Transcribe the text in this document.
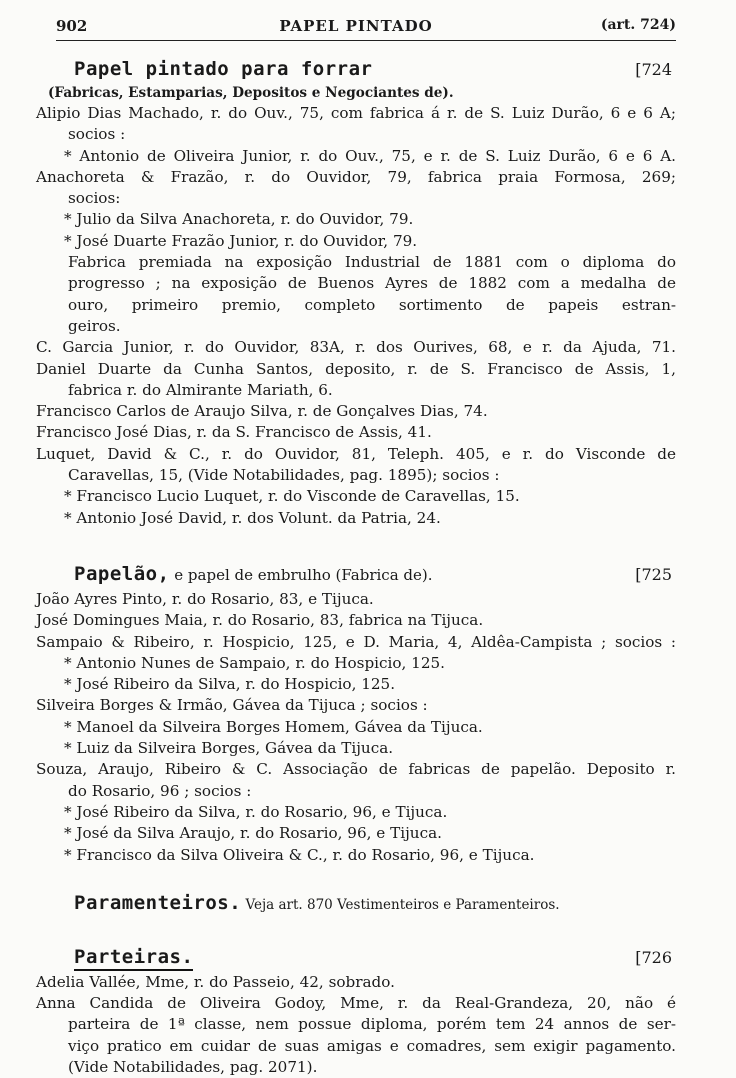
902	PAPEL PINTADO	(art. 724)
Papel pintado para forrar	[724
(Fabricas, Estamparias, Depositos e Negociantes de).
Alipio Dias Machado, r. do Ouv., 75, com fabrica á r. de S. Luiz Durão, 6 e 6 A;
socios :
* Antonio de Oliveira Junior, r. do Ouv., 75, e r. de S. Luiz Durão, 6 e 6 A.
Anachoreta & Frazão, r. do Ouvidor, 79, fabrica praia Formosa, 269;
socios:
* Julio da Silva Anachoreta, r. do Ouvidor, 79.
* José Duarte Frazão Junior, r. do Ouvidor, 79.
Fabrica premiada na exposição Industrial de 1881 com o diploma do
progresso ; na exposição de Buenos Ayres de 1882 com a medalha de
ouro, primeiro premio, completo sortimento de papeis estran-
geiros.
C. Garcia Junior, r. do Ouvidor, 83A, r. dos Ourives, 68, e r. da Ajuda, 71.
Daniel Duarte da Cunha Santos, deposito, r. de S. Francisco de Assis, 1,
fabrica r. do Almirante Mariath, 6.
Francisco Carlos de Araujo Silva, r. de Gonçalves Dias, 74.
Francisco José Dias, r. da S. Francisco de Assis, 41.
Luquet, David & C., r. do Ouvidor, 81, Teleph. 405, e r. do Visconde de
Caravellas, 15, (Vide Notabilidades, pag. 1895); socios :
* Francisco Lucio Luquet, r. do Visconde de Caravellas, 15.
* Antonio José David, r. dos Volunt. da Patria, 24.
Papelão, e papel de embrulho (Fabrica de).	[725
João Ayres Pinto, r. do Rosario, 83, e Tijuca.
José Domingues Maia, r. do Rosario, 83, fabrica na Tijuca.
Sampaio & Ribeiro, r. Hospicio, 125, e D. Maria, 4, Aldêa-Campista ; socios :
* Antonio Nunes de Sampaio, r. do Hospicio, 125.
* José Ribeiro da Silva, r. do Hospicio, 125.
Silveira Borges & Irmão, Gávea da Tijuca ; socios :
* Manoel da Silveira Borges Homem, Gávea da Tijuca.
* Luiz da Silveira Borges, Gávea da Tijuca.
Souza, Araujo, Ribeiro & C. Associação de fabricas de papelão. Deposito r.
do Rosario, 96 ; socios :
* José Ribeiro da Silva, r. do Rosario, 96, e Tijuca.
* José da Silva Araujo, r. do Rosario, 96, e Tijuca.
* Francisco da Silva Oliveira & C., r. do Rosario, 96, e Tijuca.
Paramenteiros. Veja art. 870 Vestimenteiros e Paramenteiros.
Parteiras.	[726
Adelia Vallée, Mme, r. do Passeio, 42, sobrado.
Anna Candida de Oliveira Godoy, Mme, r. da Real-Grandeza, 20, não é
parteira de 1ª classe, nem possue diploma, porém tem 24 annos de ser-
viço pratico em cuidar de suas amigas e comadres, sem exigir pagamento.
(Vide Notabilidades, pag. 2071).
